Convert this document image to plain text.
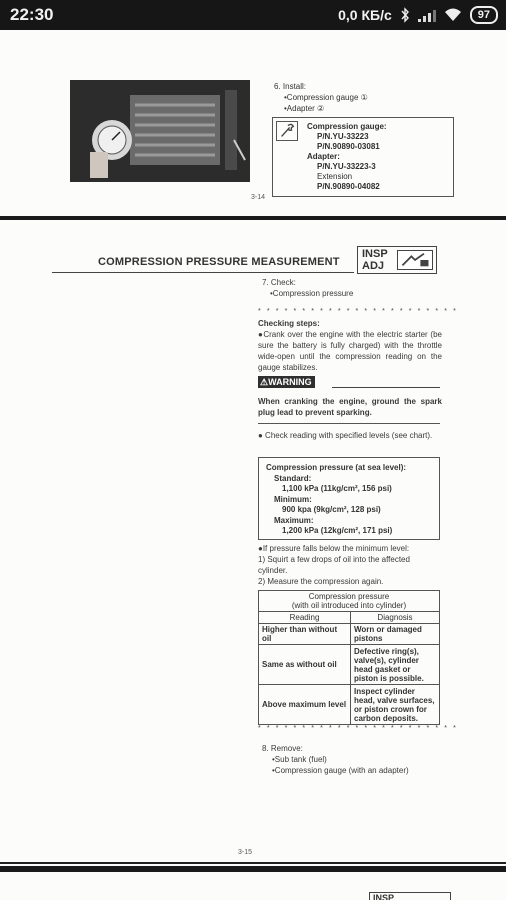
22:30	0,0 КБ/с	97
6. Install:
•Compression gauge ①
•Adapter ②
Compression gauge:
P/N.YU-33223
P/N.90890-03081
Adapter:
P/N.YU-33223-3
Extension
P/N.90890-04082
3-14
COMPRESSION PRESSURE MEASUREMENT
INSP
ADJ
7. Check:
•Compression pressure
* * * * * * * * * * * * * * * * * * * * * * *
Checking steps:
●Crank over the engine with the electric starter (be sure the battery is fully charged) with the throttle wide-open until the compression reading on the gauge stabilizes.
⚠WARNING
When cranking the engine, ground the spark plug lead to prevent sparking.
● Check reading with specified levels (see chart).
Compression pressure (at sea level):
Standard:
1,100 kPa (11kg/cm², 156 psi)
Minimum:
900 kpa (9kg/cm², 128 psi)
Maximum:
1,200 kPa (12kg/cm², 171 psi)
●If pressure falls below the minimum level:
1) Squirt a few drops of oil into the affected
cylinder.
2) Measure the compression again.
Compression pressure
(with oil introduced into cylinder)	

Reading	Diagnosis
Higher than without oil	Worn or damaged pistons
Same as without oil	Defective ring(s), valve(s), cylinder head gasket or piston is possible.
Above maximum level	Inspect cylinder head, valve surfaces, or piston crown for carbon deposits.
* * * * * * * * * * * * * * * * * * * * * * *
8. Remove:
•Sub tank (fuel)
•Compression gauge (with an adapter)
3-15
INSP
